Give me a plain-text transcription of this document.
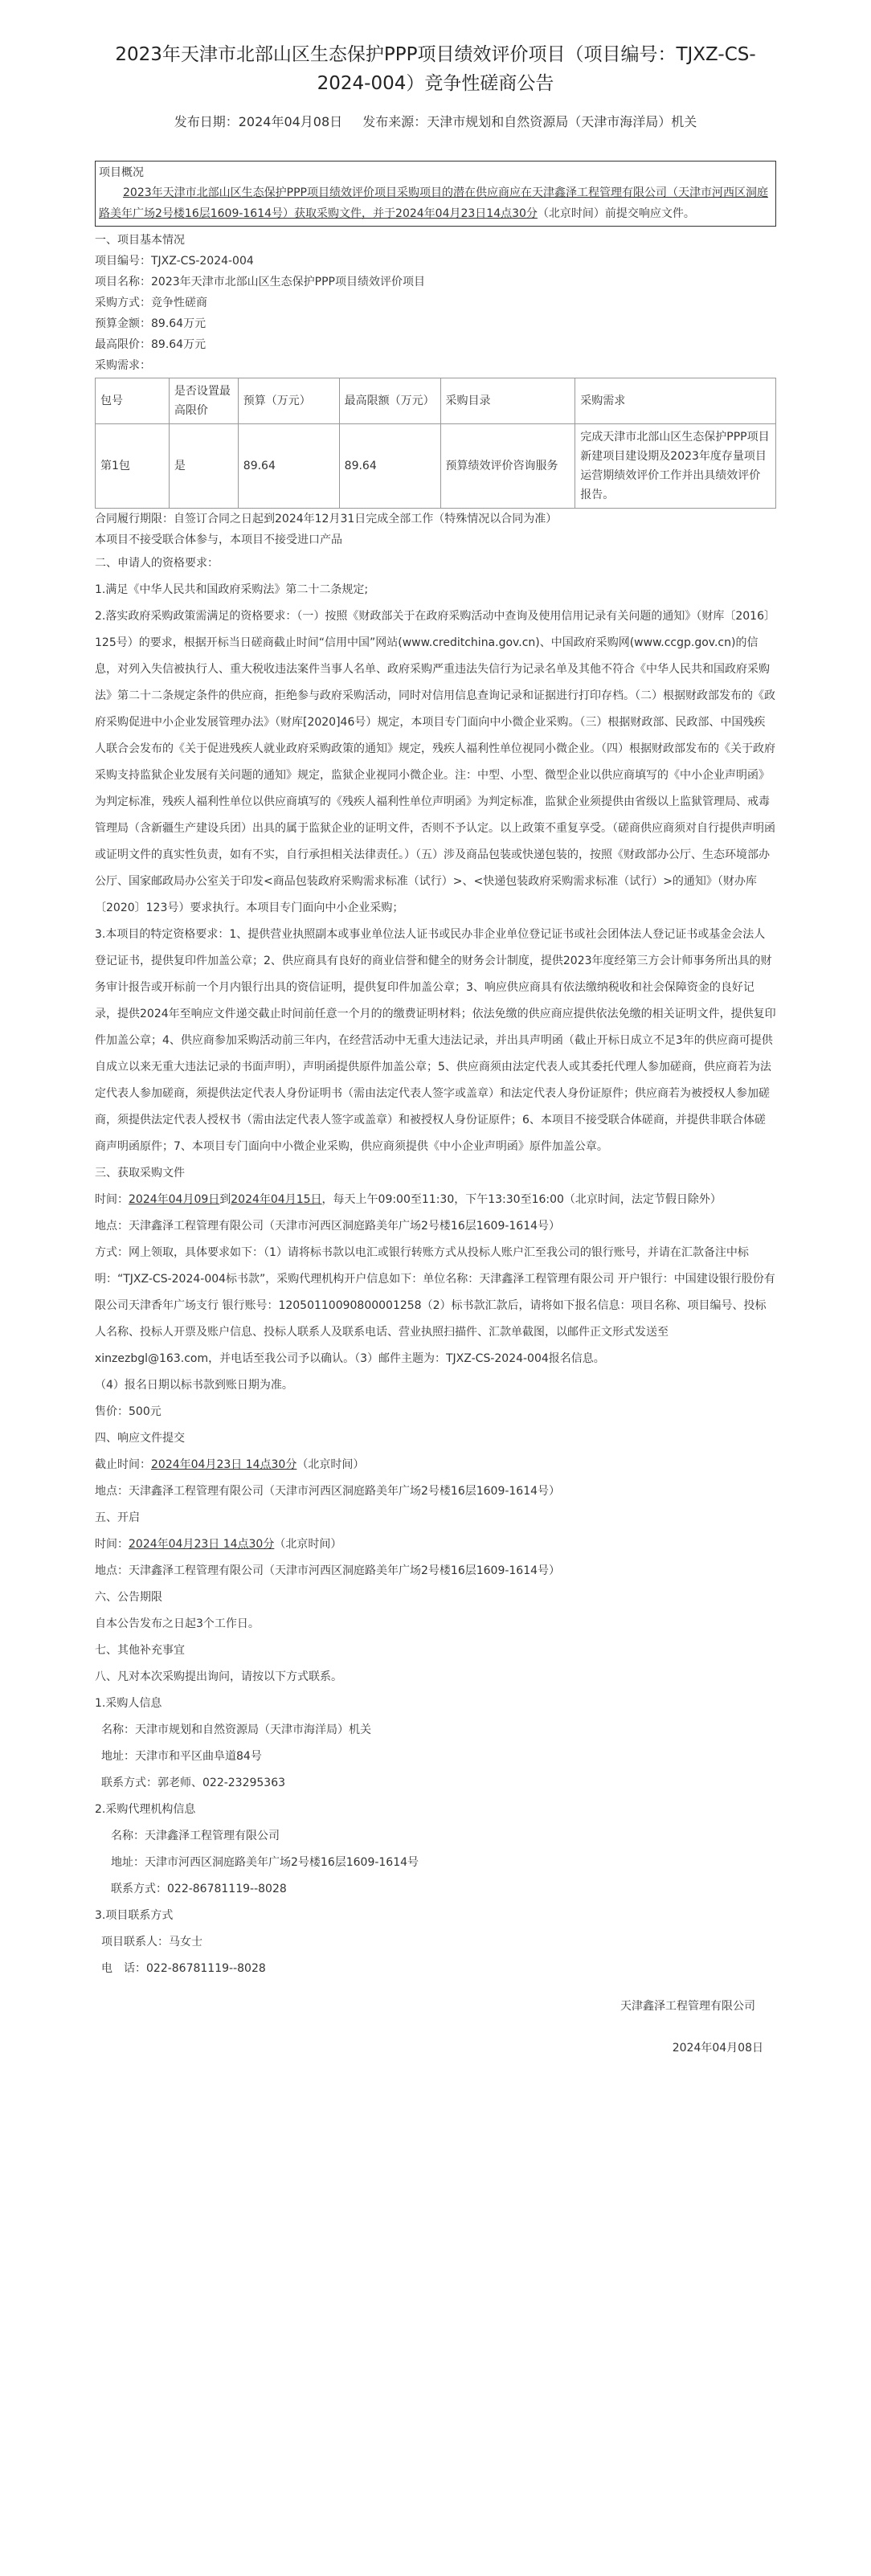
2023年天津市北部山区生态保护PPP项目绩效评价项目（项目编号：TJXZ-CS-2024-004）竞争性磋商公告
发布日期：2024年04月08日 发布来源：天津市规划和自然资源局（天津市海洋局）机关
项目概况
2023年天津市北部山区生态保护PPP项目绩效评价项目采购项目的潜在供应商应在天津鑫泽工程管理有限公司（天津市河西区洞庭路美年广场2号楼16层1609-1614号）获取采购文件，并于2024年04月23日14点30分（北京时间）前提交响应文件。
一、项目基本情况
项目编号：TJXZ-CS-2024-004
项目名称：2023年天津市北部山区生态保护PPP项目绩效评价项目
采购方式：竞争性磋商
预算金额：89.64万元
最高限价：89.64万元
采购需求：
包号	是否设置最高限价	预算（万元）	最高限额（万元）	采购目录	采购需求
第1包	是	89.64	89.64	预算绩效评价咨询服务	完成天津市北部山区生态保护PPP项目新建项目建设期及2023年度存量项目运营期绩效评价工作并出具绩效评价报告。
合同履行期限：自签订合同之日起到2024年12月31日完成全部工作（特殊情况以合同为准）
本项目不接受联合体参与，本项目不接受进口产品
二、申请人的资格要求：
1.满足《中华人民共和国政府采购法》第二十二条规定;
2.落实政府采购政策需满足的资格要求：（一）按照《财政部关于在政府采购活动中查询及使用信用记录有关问题的通知》（财库〔2016〕125号）的要求，根据开标当日磋商截止时间“信用中国”网站(www.creditchina.gov.cn)、中国政府采购网(www.ccgp.gov.cn)的信息，对列入失信被执行人、重大税收违法案件当事人名单、政府采购严重违法失信行为记录名单及其他不符合《中华人民共和国政府采购法》第二十二条规定条件的供应商，拒绝参与政府采购活动，同时对信用信息查询记录和证据进行打印存档。（二）根据财政部发布的《政府采购促进中小企业发展管理办法》（财库[2020]46号）规定，本项目专门面向中小微企业采购。（三）根据财政部、民政部、中国残疾人联合会发布的《关于促进残疾人就业政府采购政策的通知》规定，残疾人福利性单位视同小微企业。（四）根据财政部发布的《关于政府采购支持监狱企业发展有关问题的通知》规定，监狱企业视同小微企业。注：中型、小型、微型企业以供应商填写的《中小企业声明函》为判定标准，残疾人福利性单位以供应商填写的《残疾人福利性单位声明函》为判定标准，监狱企业须提供由省级以上监狱管理局、戒毒管理局（含新疆生产建设兵团）出具的属于监狱企业的证明文件，否则不予认定。以上政策不重复享受。（磋商供应商须对自行提供声明函或证明文件的真实性负责，如有不实，自行承担相关法律责任。）（五）涉及商品包装或快递包装的，按照《财政部办公厅、生态环境部办公厅、国家邮政局办公室关于印发<商品包装政府采购需求标准（试行）>、<快递包装政府采购需求标准（试行）>的通知》（财办库〔2020〕123号）要求执行。本项目专门面向中小企业采购；
3.本项目的特定资格要求：1、提供营业执照副本或事业单位法人证书或民办非企业单位登记证书或社会团体法人登记证书或基金会法人登记证书，提供复印件加盖公章；2、供应商具有良好的商业信誉和健全的财务会计制度，提供2023年度经第三方会计师事务所出具的财务审计报告或开标前一个月内银行出具的资信证明，提供复印件加盖公章；3、响应供应商具有依法缴纳税收和社会保障资金的良好记录，提供2024年至响应文件递交截止时间前任意一个月的的缴费证明材料；依法免缴的供应商应提供依法免缴的相关证明文件，提供复印件加盖公章；4、供应商参加采购活动前三年内，在经营活动中无重大违法记录，并出具声明函（截止开标日成立不足3年的供应商可提供自成立以来无重大违法记录的书面声明），声明函提供原件加盖公章；5、供应商须由法定代表人或其委托代理人参加磋商，供应商若为法定代表人参加磋商，须提供法定代表人身份证明书（需由法定代表人签字或盖章）和法定代表人身份证原件；供应商若为被授权人参加磋商，须提供法定代表人授权书（需由法定代表人签字或盖章）和被授权人身份证原件；6、本项目不接受联合体磋商，并提供非联合体磋商声明函原件；7、本项目专门面向中小微企业采购，供应商须提供《中小企业声明函》原件加盖公章。
三、获取采购文件
时间：2024年04月09日到2024年04月15日，每天上午09:00至11:30，下午13:30至16:00（北京时间，法定节假日除外）
地点：天津鑫泽工程管理有限公司（天津市河西区洞庭路美年广场2号楼16层1609-1614号）
方式：网上领取，具体要求如下：（1）请将标书款以电汇或银行转账方式从投标人账户汇至我公司的银行账号，并请在汇款备注中标明：“TJXZ-CS-2024-004标书款”，采购代理机构开户信息如下：单位名称：天津鑫泽工程管理有限公司 开户银行：中国建设银行股份有限公司天津香年广场支行 银行账号：12050110090800001258（2）标书款汇款后，请将如下报名信息：项目名称、项目编号、投标人名称、投标人开票及账户信息、投标人联系人及联系电话、营业执照扫描件、汇款单截图，以邮件正文形式发送至xinzezbgl@163.com，并电话至我公司予以确认。（3）邮件主题为：TJXZ-CS-2024-004报名信息。
（4）报名日期以标书款到账日期为准。
售价：500元
四、响应文件提交
截止时间：2024年04月23日 14点30分（北京时间）
地点：天津鑫泽工程管理有限公司（天津市河西区洞庭路美年广场2号楼16层1609-1614号）
五、开启
时间：2024年04月23日 14点30分（北京时间）
地点：天津鑫泽工程管理有限公司（天津市河西区洞庭路美年广场2号楼16层1609-1614号）
六、公告期限
自本公告发布之日起3个工作日。
七、其他补充事宜
八、凡对本次采购提出询问，请按以下方式联系。
1.采购人信息
名称：天津市规划和自然资源局（天津市海洋局）机关
地址：天津市和平区曲阜道84号
联系方式：郭老师、022-23295363
2.采购代理机构信息
名称：天津鑫泽工程管理有限公司
地址：天津市河西区洞庭路美年广场2号楼16层1609-1614号
联系方式：022-86781119--8028
3.项目联系方式
项目联系人：马女士
电　话：022-86781119--8028
天津鑫泽工程管理有限公司
2024年04月08日
